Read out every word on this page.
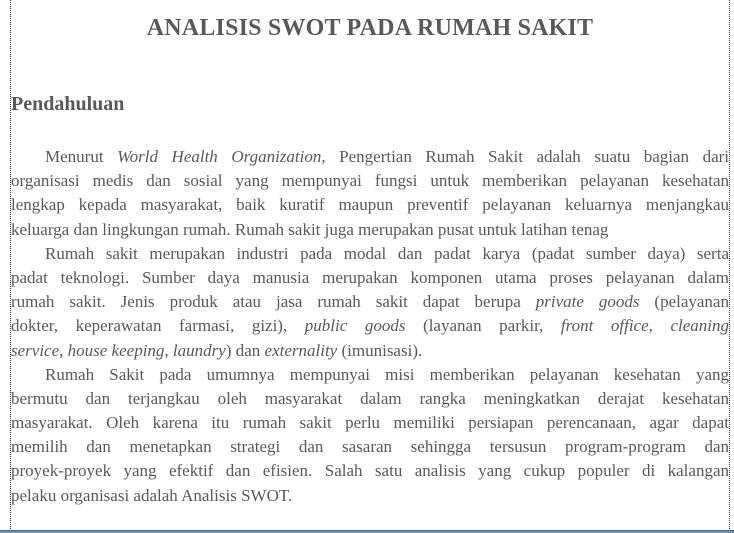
ANALISIS SWOT PADA RUMAH SAKIT
Pendahuluan
Menurut World Health Organization, Pengertian Rumah Sakit adalah suatu bagian dari
organisasi medis dan sosial yang mempunyai fungsi untuk memberikan pelayanan kesehatan
lengkap kepada masyarakat, baik kuratif maupun preventif pelayanan keluarnya menjangkau
keluarga dan lingkungan rumah. Rumah sakit juga merupakan pusat untuk latihan tenag
Rumah sakit merupakan industri pada modal dan padat karya (padat sumber daya) serta
padat teknologi. Sumber daya manusia merupakan komponen utama proses pelayanan dalam
rumah sakit. Jenis produk atau jasa rumah sakit dapat berupa private goods (pelayanan
dokter, keperawatan farmasi, gizi), public goods (layanan parkir, front office, cleaning
service, house keeping, laundry) dan externality (imunisasi).
Rumah Sakit pada umumnya mempunyai misi memberikan pelayanan kesehatan yang
bermutu dan terjangkau oleh masyarakat dalam rangka meningkatkan derajat kesehatan
masyarakat. Oleh karena itu rumah sakit perlu memiliki persiapan perencanaan, agar dapat
memilih dan menetapkan strategi dan sasaran sehingga tersusun program-program dan
proyek-proyek yang efektif dan efisien. Salah satu analisis yang cukup populer di kalangan
pelaku organisasi adalah Analisis SWOT.
